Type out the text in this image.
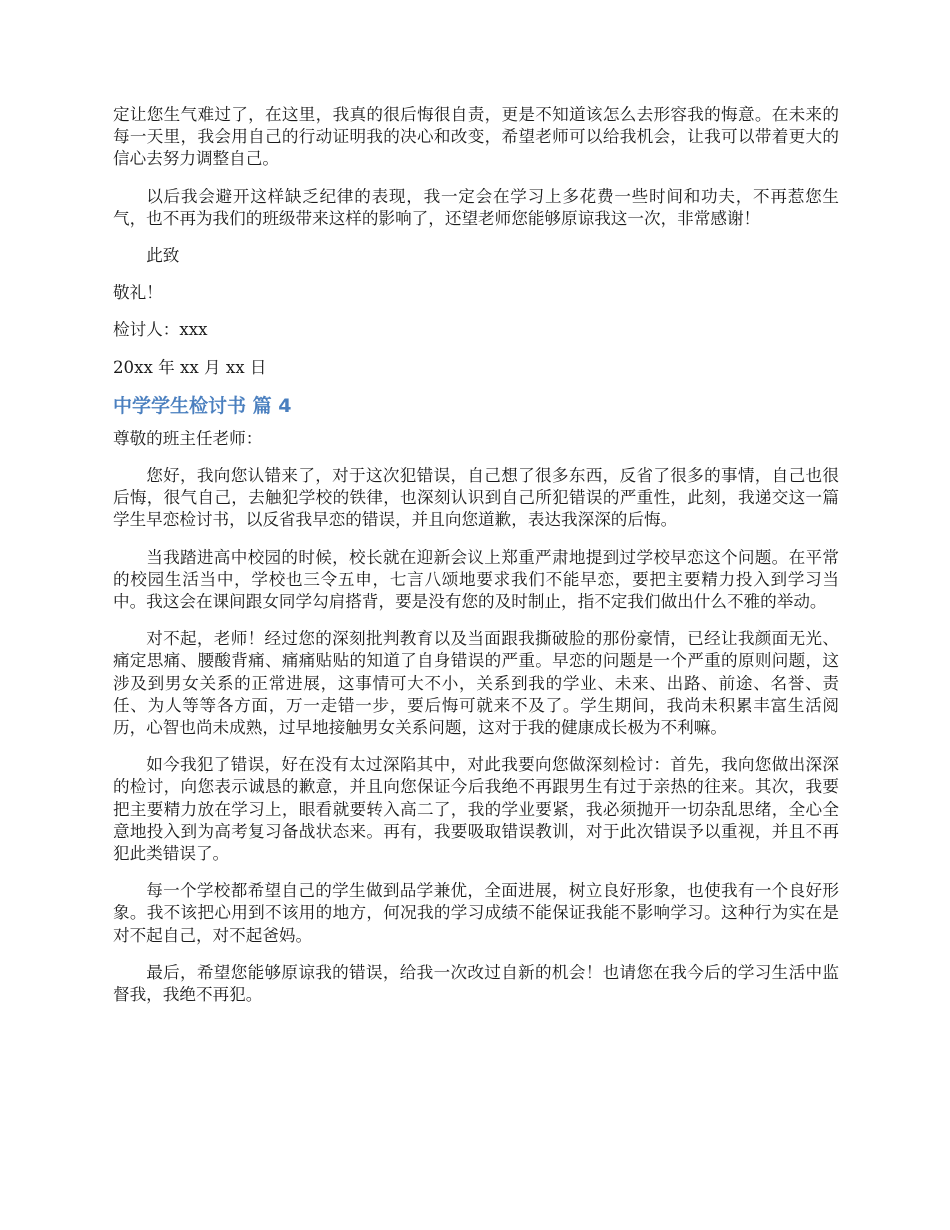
定让您生气难过了，在这里，我真的很后悔很自责，更是不知道该怎么去形容我的悔意。在未来的每一天里，我会用自己的行动证明我的决心和改变，希望老师可以给我机会，让我可以带着更大的信心去努力调整自己。

以后我会避开这样缺乏纪律的表现，我一定会在学习上多花费一些时间和功夫，不再惹您生气，也不再为我们的班级带来这样的影响了，还望老师您能够原谅我这一次，非常感谢！

此致

敬礼！

检讨人：xxx

20xx 年 xx 月 xx 日

中学学生检讨书 篇 4

尊敬的班主任老师：

您好，我向您认错来了，对于这次犯错误，自己想了很多东西，反省了很多的事情，自己也很后悔，很气自己，去触犯学校的铁律，也深刻认识到自己所犯错误的严重性，此刻，我递交这一篇学生早恋检讨书，以反省我早恋的错误，并且向您道歉，表达我深深的后悔。

当我踏进高中校园的时候，校长就在迎新会议上郑重严肃地提到过学校早恋这个问题。在平常的校园生活当中，学校也三令五申，七言八颂地要求我们不能早恋，要把主要精力投入到学习当中。我这会在课间跟女同学勾肩搭背，要是没有您的及时制止，指不定我们做出什么不雅的举动。

对不起，老师！经过您的深刻批判教育以及当面跟我撕破脸的那份豪情，已经让我颜面无光、痛定思痛、腰酸背痛、痛痛贴贴的知道了自身错误的严重。早恋的问题是一个严重的原则问题，这涉及到男女关系的正常进展，这事情可大不小，关系到我的学业、未来、出路、前途、名誉、责任、为人等等各方面，万一走错一步，要后悔可就来不及了。学生期间，我尚未积累丰富生活阅历，心智也尚未成熟，过早地接触男女关系问题，这对于我的健康成长极为不利嘛。

如今我犯了错误，好在没有太过深陷其中，对此我要向您做深刻检讨：首先，我向您做出深深的检讨，向您表示诚恳的歉意，并且向您保证今后我绝不再跟男生有过于亲热的往来。其次，我要把主要精力放在学习上，眼看就要转入高二了，我的学业要紧，我必须抛开一切杂乱思绪，全心全意地投入到为高考复习备战状态来。再有，我要吸取错误教训，对于此次错误予以重视，并且不再犯此类错误了。

每一个学校都希望自己的学生做到品学兼优，全面进展，树立良好形象，也使我有一个良好形象。我不该把心用到不该用的地方，何况我的学习成绩不能保证我能不影响学习。这种行为实在是对不起自己，对不起爸妈。

最后，希望您能够原谅我的错误，给我一次改过自新的机会！也请您在我今后的学习生活中监督我，我绝不再犯。
